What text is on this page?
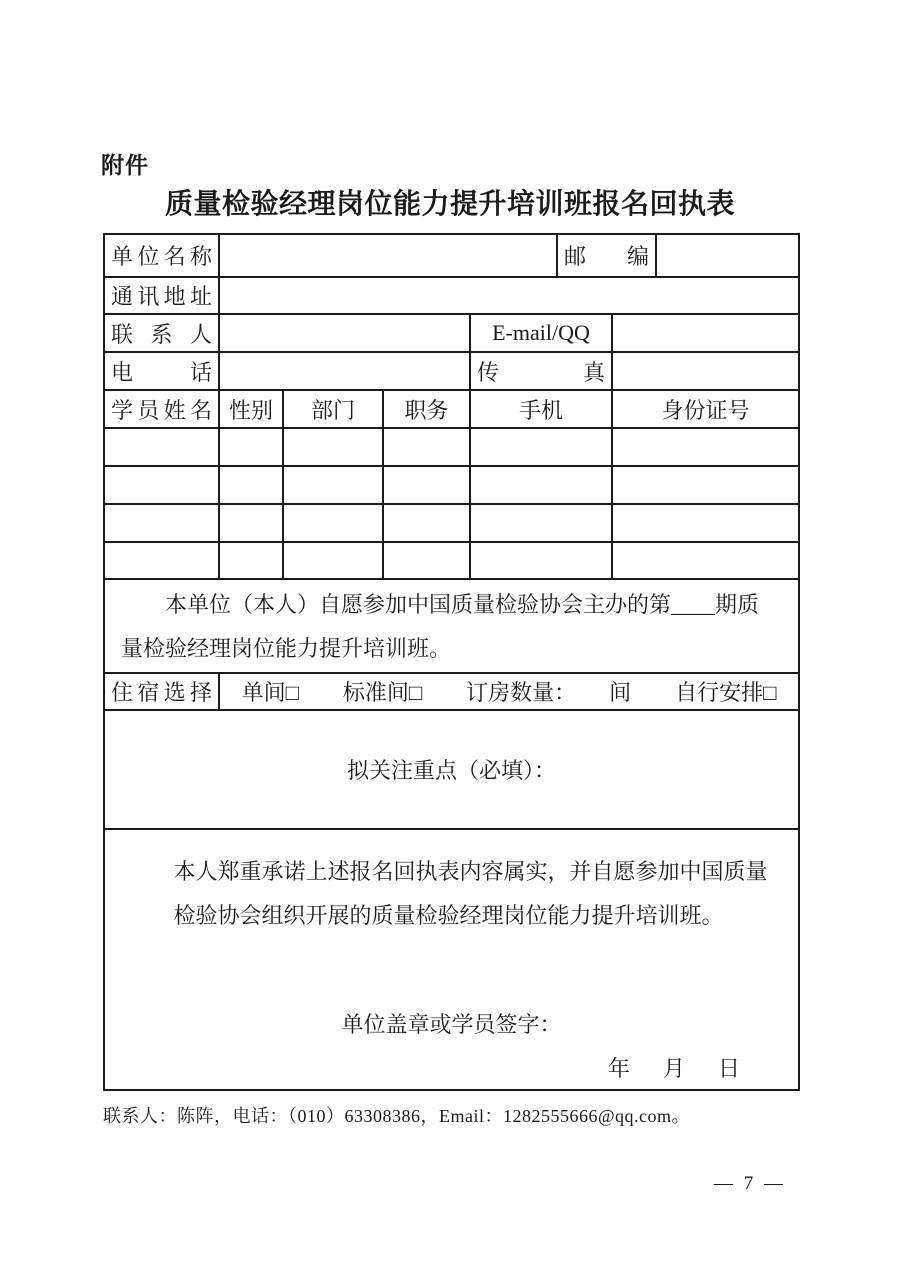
附件
质量检验经理岗位能力提升培训班报名回执表
单位名称					邮编		
通讯地址							
联系人				E-mail/QQ			
电话				传真			
学员姓名	性别	部门	职务	手机		身份证号	

本单位（本人）自愿参加中国质量检验协会主办的第____期质量检验经理岗位能力提升培训班。							

住宿选择	单间□　　标准间□　　订房数量：　　间　　自行安排□						
拟关注重点（必填）：							

本人郑重承诺上述报名回执表内容属实，并自愿参加中国质量检验协会组织开展的质量检验经理岗位能力提升培训班。

单位盖章或学员签字：
年　 月　 日							
联系人：陈阵，电话：（010）63308386，Email：1282555666@qq.com。
— 7 —
